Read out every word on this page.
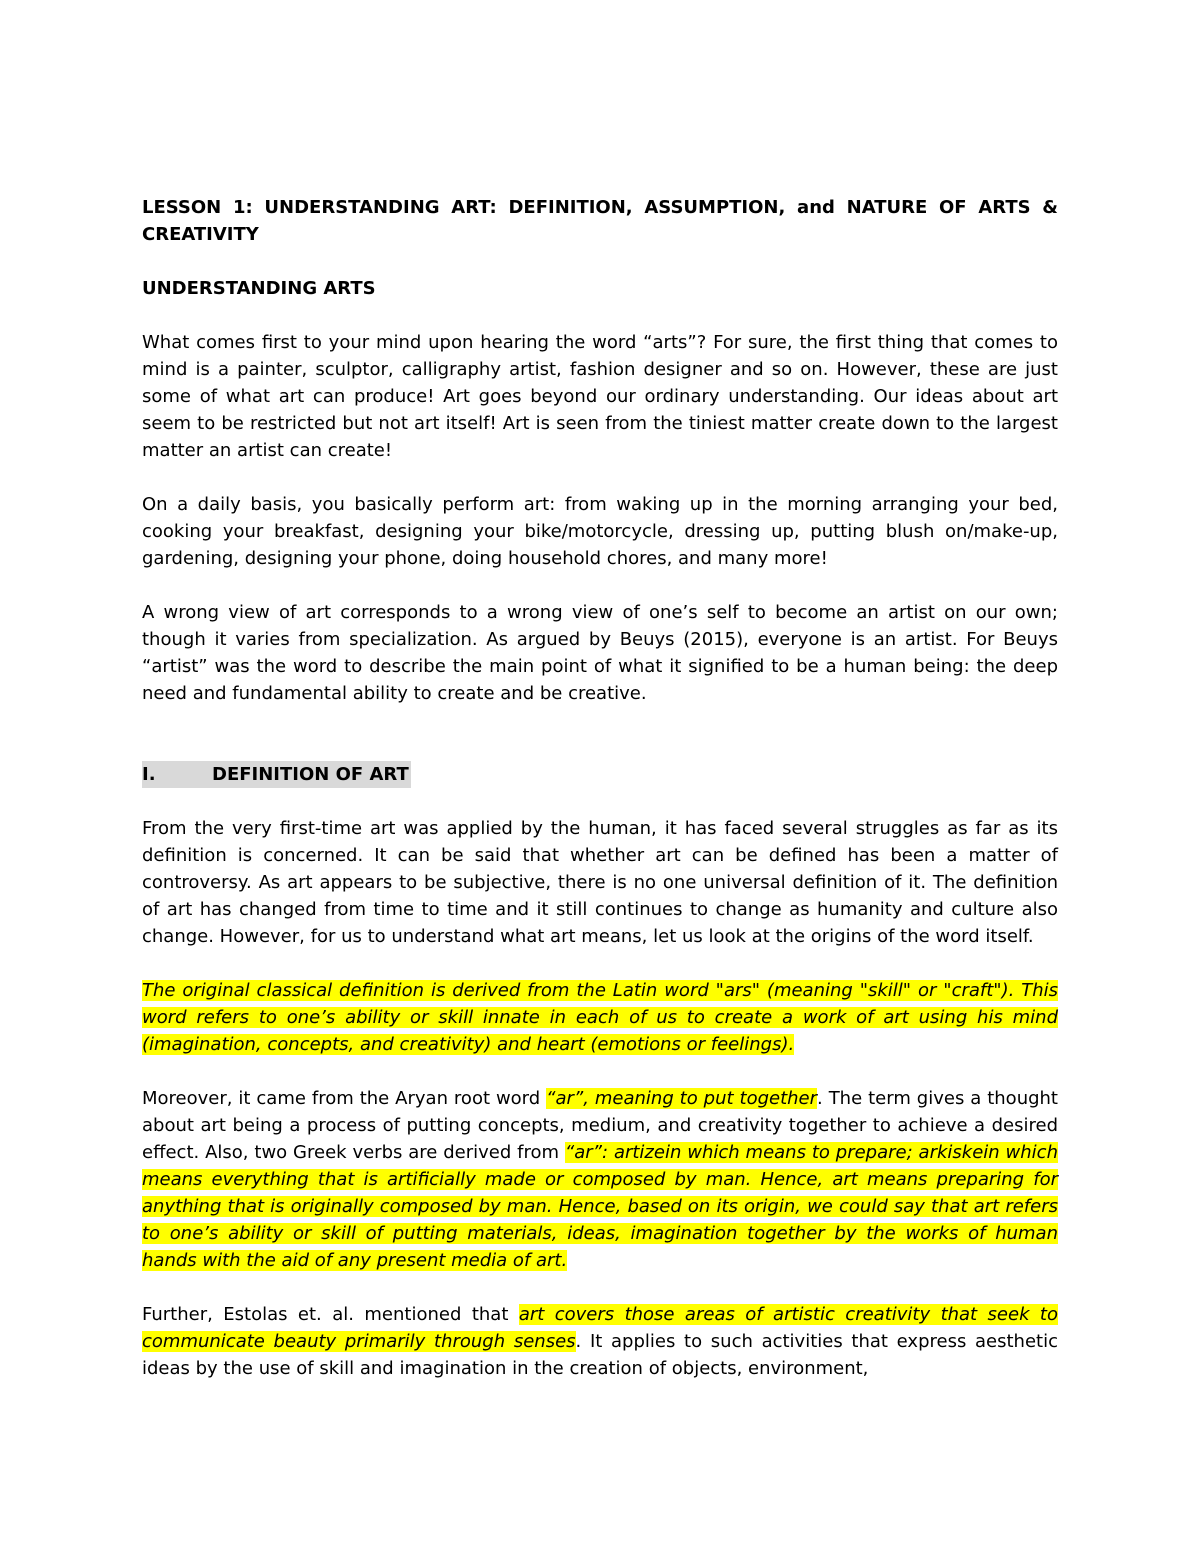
LESSON 1: UNDERSTANDING ART: DEFINITION, ASSUMPTION, and NATURE OF ARTS & CREATIVITY

UNDERSTANDING ARTS

What comes first to your mind upon hearing the word “arts”? For sure, the first thing that comes to mind is a painter, sculptor, calligraphy artist, fashion designer and so on. However, these are just some of what art can produce! Art goes beyond our ordinary understanding. Our ideas about art seem to be restricted but not art itself! Art is seen from the tiniest matter create down to the largest matter an artist can create!

On a daily basis, you basically perform art: from waking up in the morning arranging your bed, cooking your breakfast, designing your bike/motorcycle, dressing up, putting blush on/make-up, gardening, designing your phone, doing household chores, and many more!

A wrong view of art corresponds to a wrong view of one’s self to become an artist on our own; though it varies from specialization. As argued by Beuys (2015), everyone is an artist. For Beuys “artist” was the word to describe the main point of what it signified to be a human being: the deep need and fundamental ability to create and be creative.

I.	DEFINITION OF ART

From the very first-time art was applied by the human, it has faced several struggles as far as its definition is concerned. It can be said that whether art can be defined has been a matter of controversy. As art appears to be subjective, there is no one universal definition of it. The definition of art has changed from time to time and it still continues to change as humanity and culture also change. However, for us to understand what art means, let us look at the origins of the word itself.

The original classical definition is derived from the Latin word "ars" (meaning "skill" or "craft"). This word refers to one’s ability or skill innate in each of us to create a work of art using his mind (imagination, concepts, and creativity) and heart (emotions or feelings).

Moreover, it came from the Aryan root word “ar”, meaning to put together. The term gives a thought about art being a process of putting concepts, medium, and creativity together to achieve a desired effect. Also, two Greek verbs are derived from “ar”: artizein which means to prepare; arkiskein which means everything that is artificially made or composed by man. Hence, art means preparing for anything that is originally composed by man. Hence, based on its origin, we could say that art refers to one’s ability or skill of putting materials, ideas, imagination together by the works of human hands with the aid of any present media of art.

Further, Estolas et. al. mentioned that art covers those areas of artistic creativity that seek to communicate beauty primarily through senses. It applies to such activities that express aesthetic ideas by the use of skill and imagination in the creation of objects, environment,
